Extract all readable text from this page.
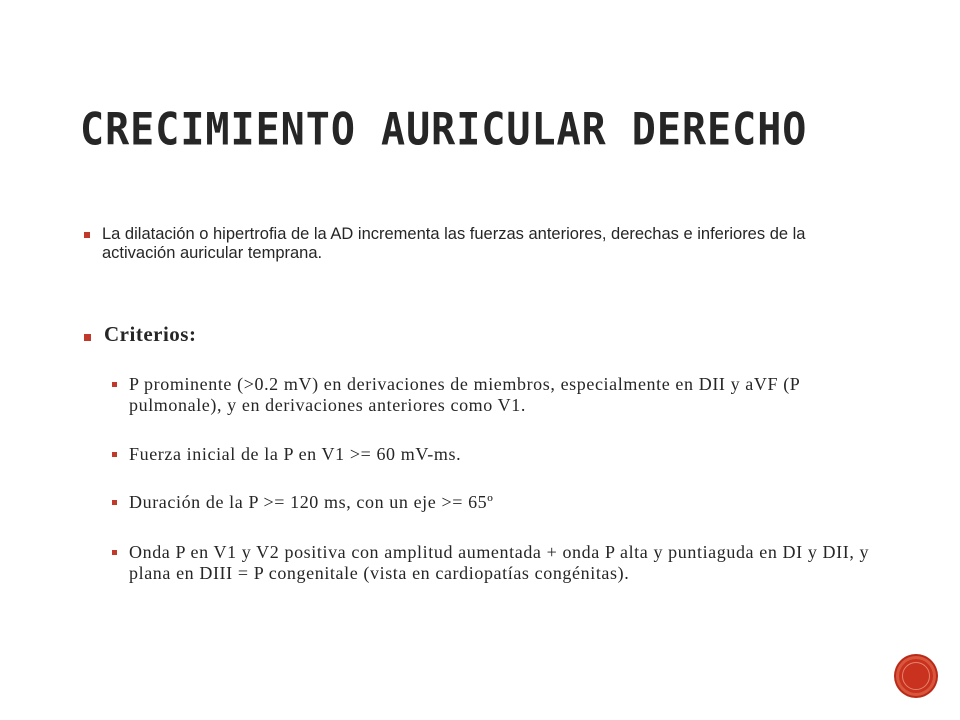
CRECIMIENTO AURICULAR DERECHO
La dilatación o hipertrofia de la AD incrementa las fuerzas anteriores, derechas e inferiores de la activación auricular temprana.
Criterios:
P prominente (>0.2 mV) en derivaciones de miembros, especialmente en DII y aVF (P pulmonale), y en derivaciones anteriores como V1.
Fuerza inicial de la P en V1 >= 60 mV-ms.
Duración de la P >= 120 ms, con un eje >= 65º
Onda P en V1 y V2 positiva con amplitud aumentada + onda P alta y puntiaguda en DI y DII, y plana en DIII = P congenitale (vista en cardiopatías congénitas).
